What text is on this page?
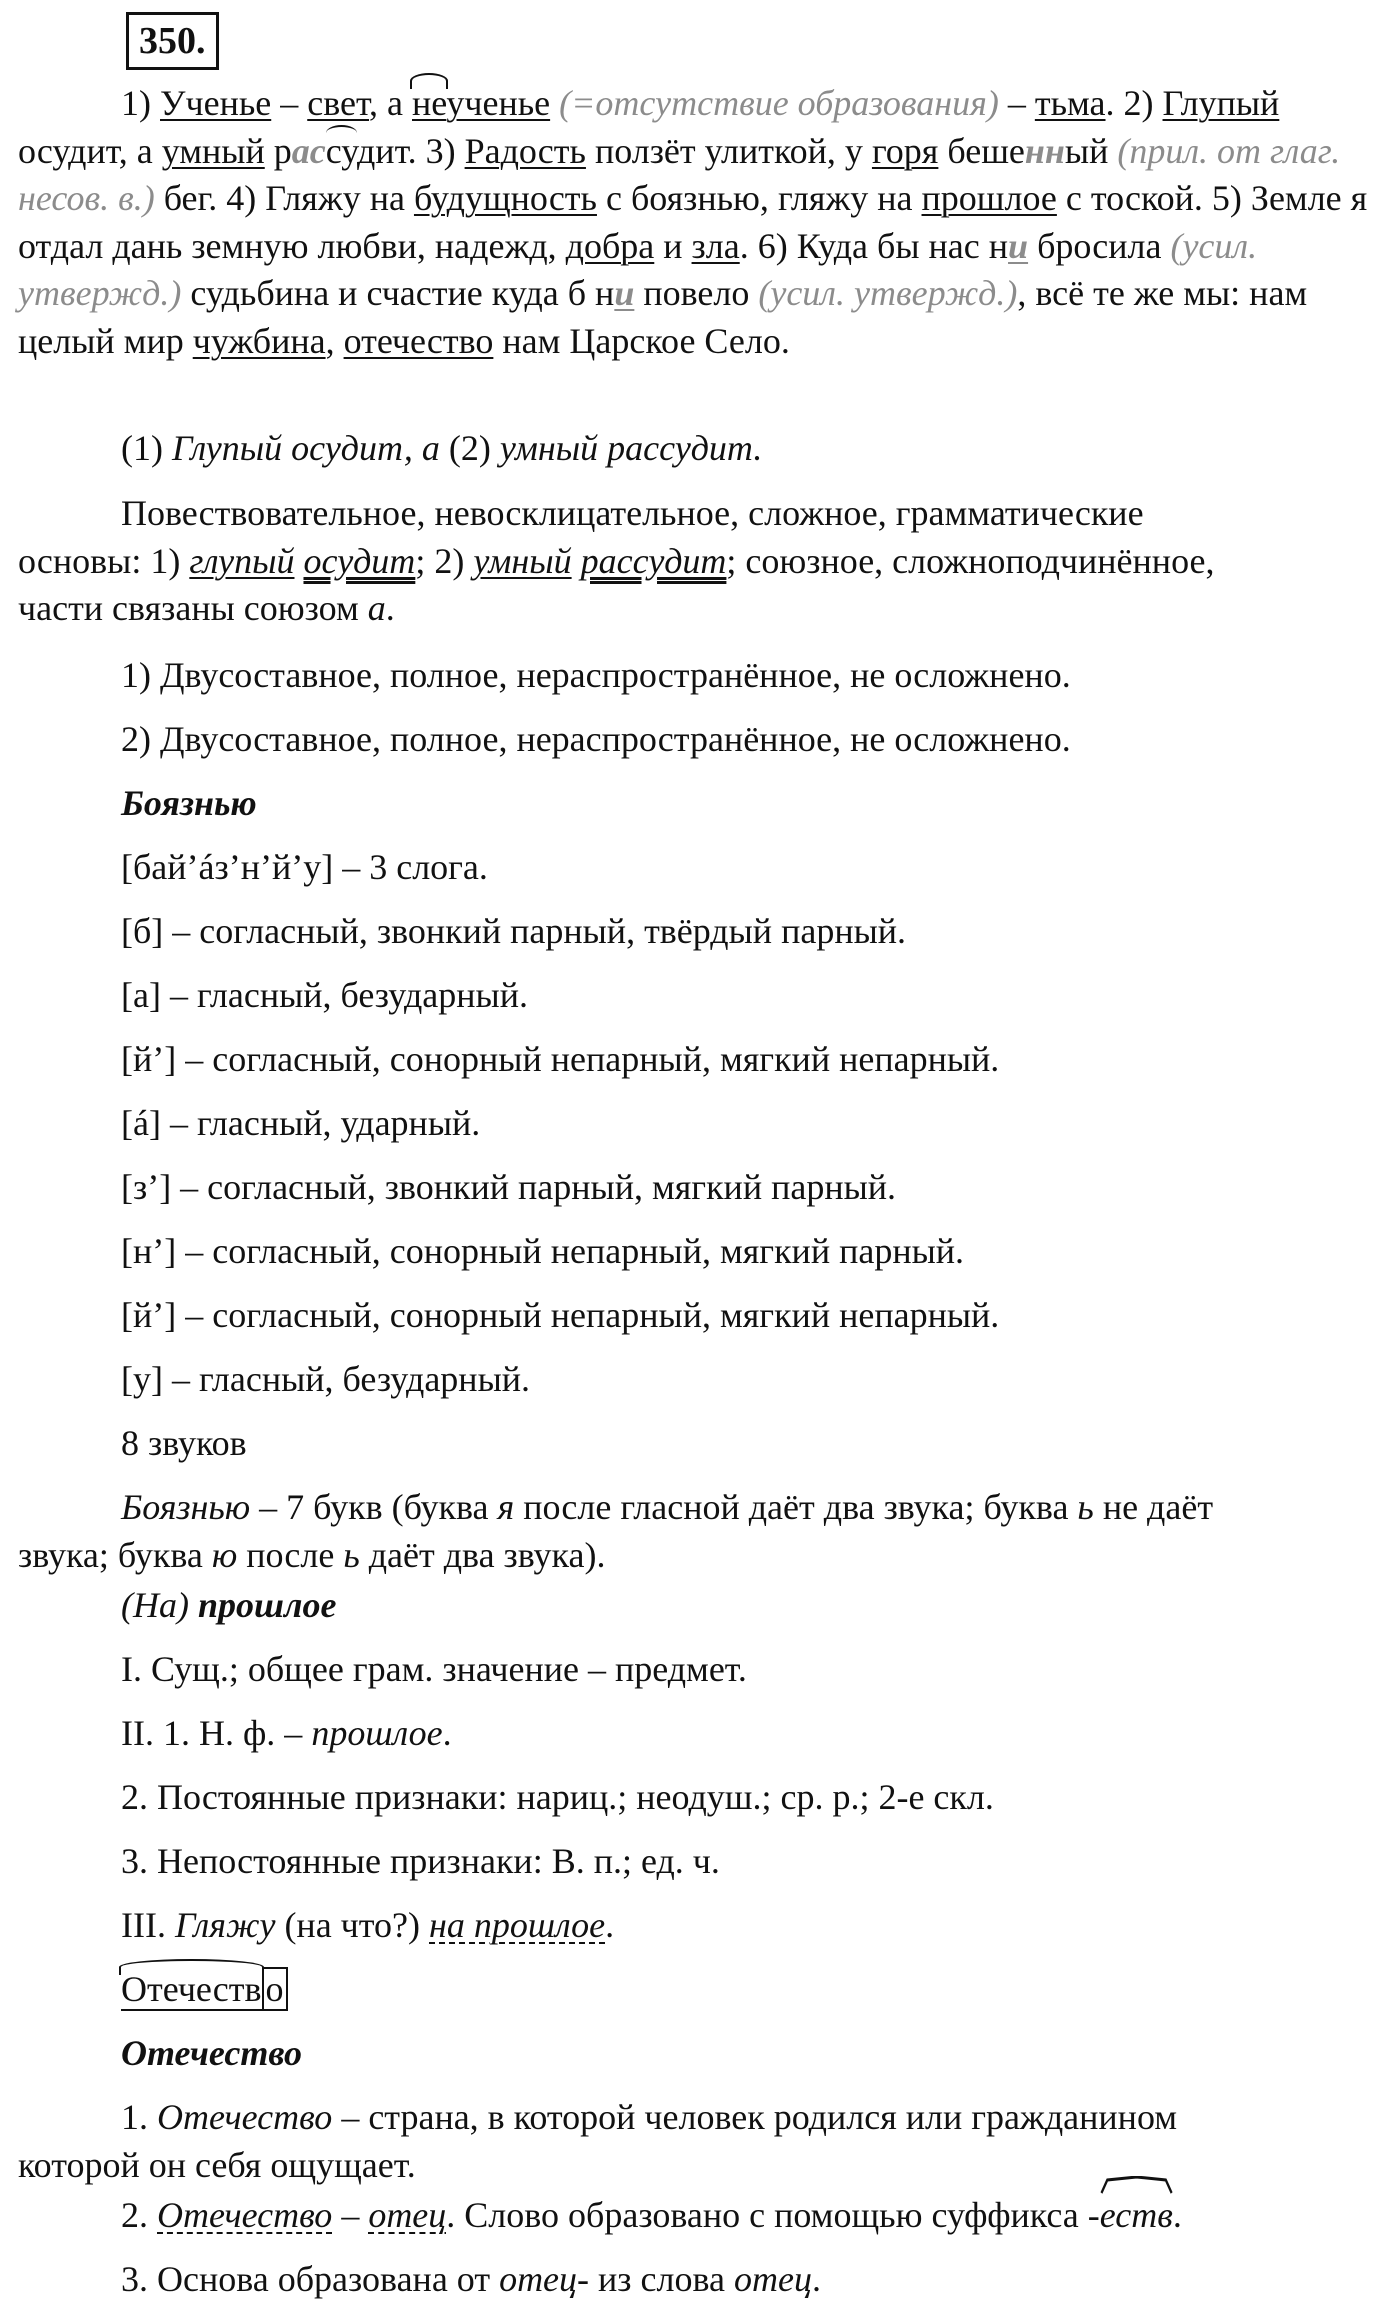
350.

1) Ученье – свет, а неученье (=отсутствие образования) – тьма. 2) Глупый осудит, а умный рассудит. 3) Радость ползёт улиткой, у горя бешенный (прил. от глаг. несов. в.) бег. 4) Гляжу на будущность с боязнью, гляжу на прошлое с тоской. 5) Земле я отдал дань земную любви, надежд, добра и зла. 6) Куда бы нас ни бросила (усил. утвержд.) судьбина и счастие куда б ни повело (усил. утвержд.), всё те же мы: нам целый мир чужбина, отечество нам Царское Село.

(1) Глупый осудит, а (2) умный рассудит.

Повествовательное, невосклицательное, сложное, грамматические
основы: 1) глупый осудит; 2) умный рассудит; союзное, сложноподчинённое,
части связаны союзом а.

1) Двусоставное, полное, нераспространённое, не осложнено.

2) Двусоставное, полное, нераспространённое, не осложнено.

Боязнью

[бай’áз’н’й’у] – 3 слога.

[б] – согласный, звонкий парный, твёрдый парный.

[а] – гласный, безударный.

[й’] – согласный, сонорный непарный, мягкий непарный.

[á] – гласный, ударный.

[з’] – согласный, звонкий парный, мягкий парный.

[н’] – согласный, сонорный непарный, мягкий парный.

[й’] – согласный, сонорный непарный, мягкий непарный.

[у] – гласный, безударный.

8 звуков

Боязнью – 7 букв (буква я после гласной даёт два звука; буква ь не даёт
звука; буква ю после ь даёт два звука).

(На) прошлое

I. Сущ.; общее грам. значение – предмет.

II. 1. Н. ф. – прошлое.

2. Постоянные признаки: нариц.; неодуш.; ср. р.; 2-е скл.

3. Непостоянные признаки: В. п.; ед. ч.

III. Гляжу (на что?) на прошлое.

Отечеств о

Отечество

1. Отечество – страна, в которой человек родился или гражданином
которой он себя ощущает.

2. Отечество – отец. Слово образовано с помощью суффикса -
еств.

3. Основа образована от отец- из слова отец.
